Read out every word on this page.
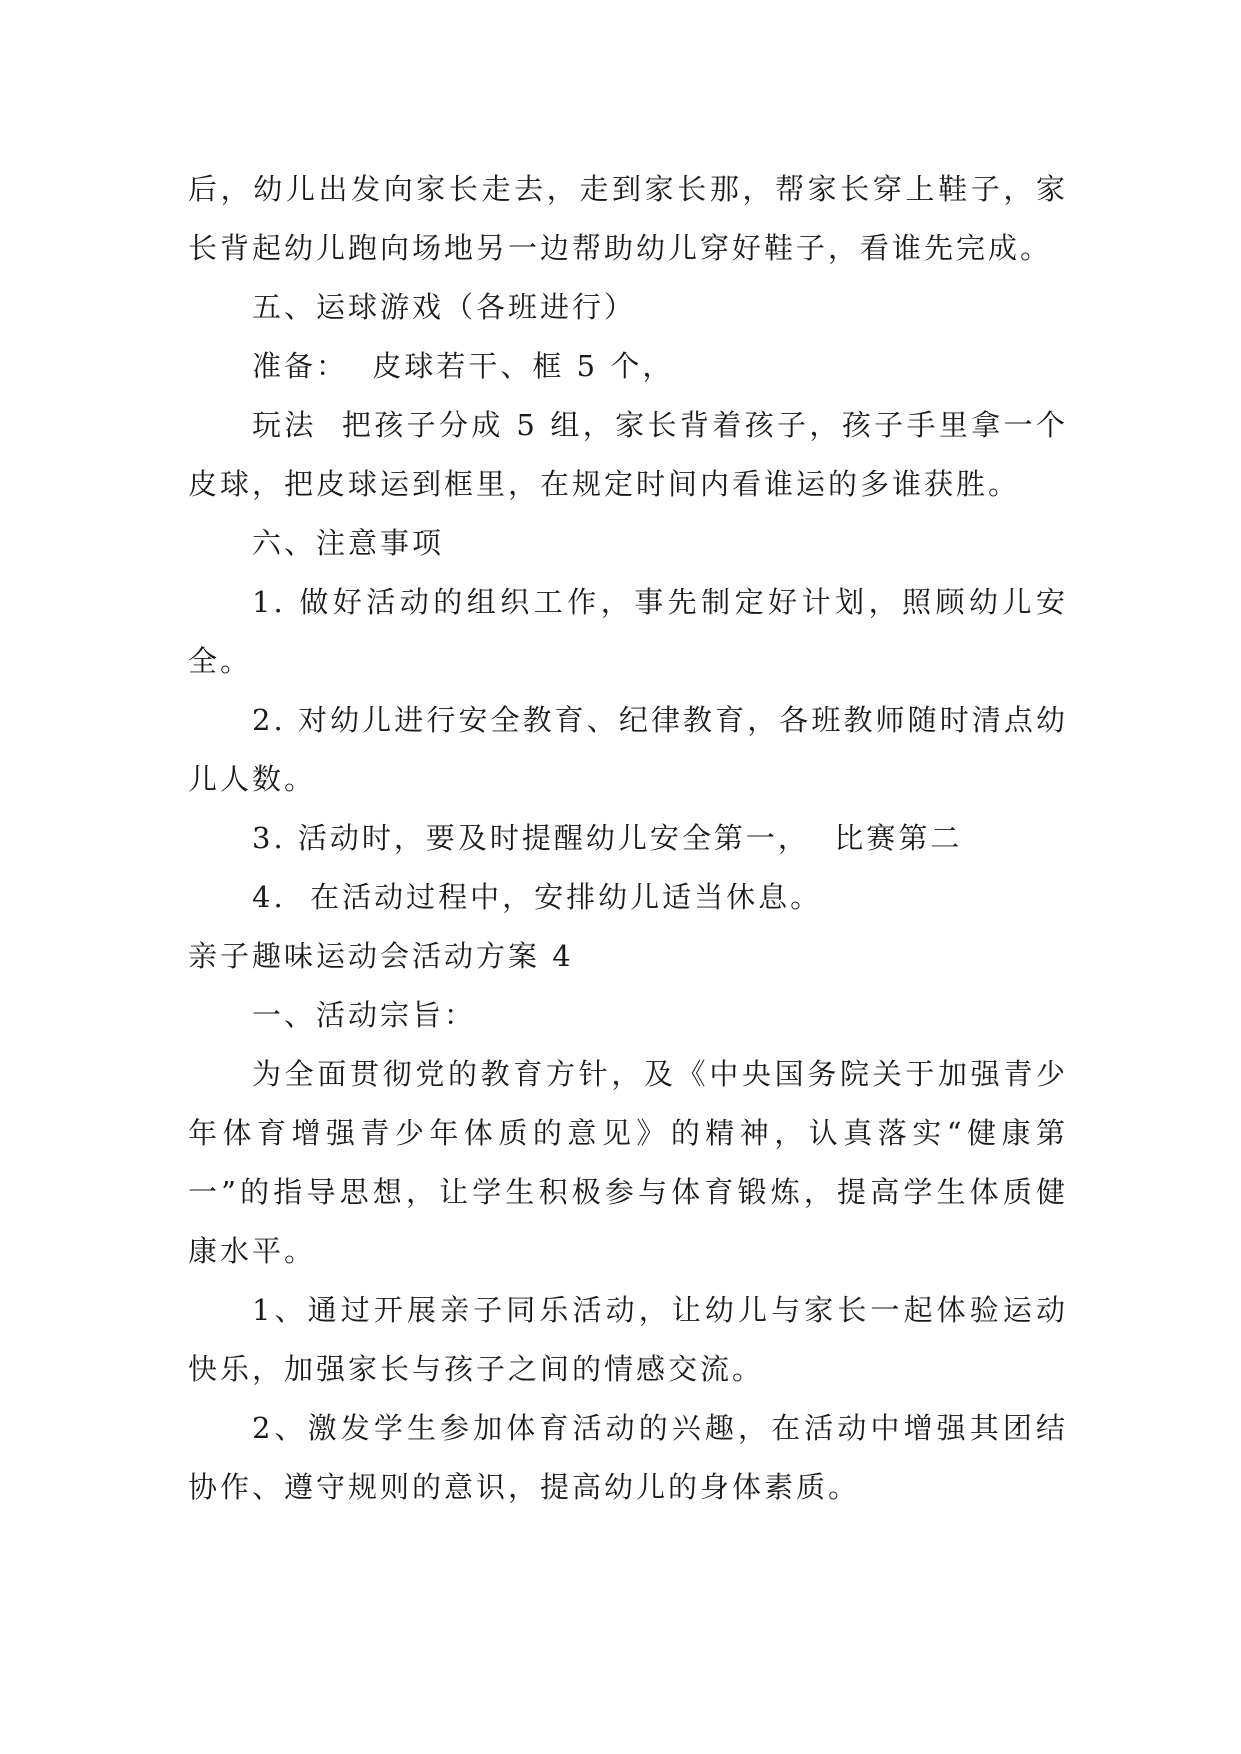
后，幼儿出发向家长走去，走到家长那，帮家长穿上鞋子，家长背起幼儿跑向场地另一边帮助幼儿穿好鞋子，看谁先完成。

五、运球游戏（各班进行）

准备：  皮球若干、框 5 个，

玩法  把孩子分成 5 组，家长背着孩子，孩子手里拿一个皮球，把皮球运到框里，在规定时间内看谁运的多谁获胜。

六、注意事项

1. 做好活动的组织工作，事先制定好计划，照顾幼儿安全。

2. 对幼儿进行安全教育、纪律教育，各班教师随时清点幼儿人数。

3. 活动时，要及时提醒幼儿安全第一，  比赛第二

4.  在活动过程中，安排幼儿适当休息。

亲子趣味运动会活动方案 4

一、活动宗旨：

为全面贯彻党的教育方针，及《中央国务院关于加强青少年体育增强青少年体质的意见》的精神，认真落实“健康第一”的指导思想，让学生积极参与体育锻炼，提高学生体质健康水平。

1、通过开展亲子同乐活动，让幼儿与家长一起体验运动快乐，加强家长与孩子之间的情感交流。

2、激发学生参加体育活动的兴趣，在活动中增强其团结协作、遵守规则的意识，提高幼儿的身体素质。
